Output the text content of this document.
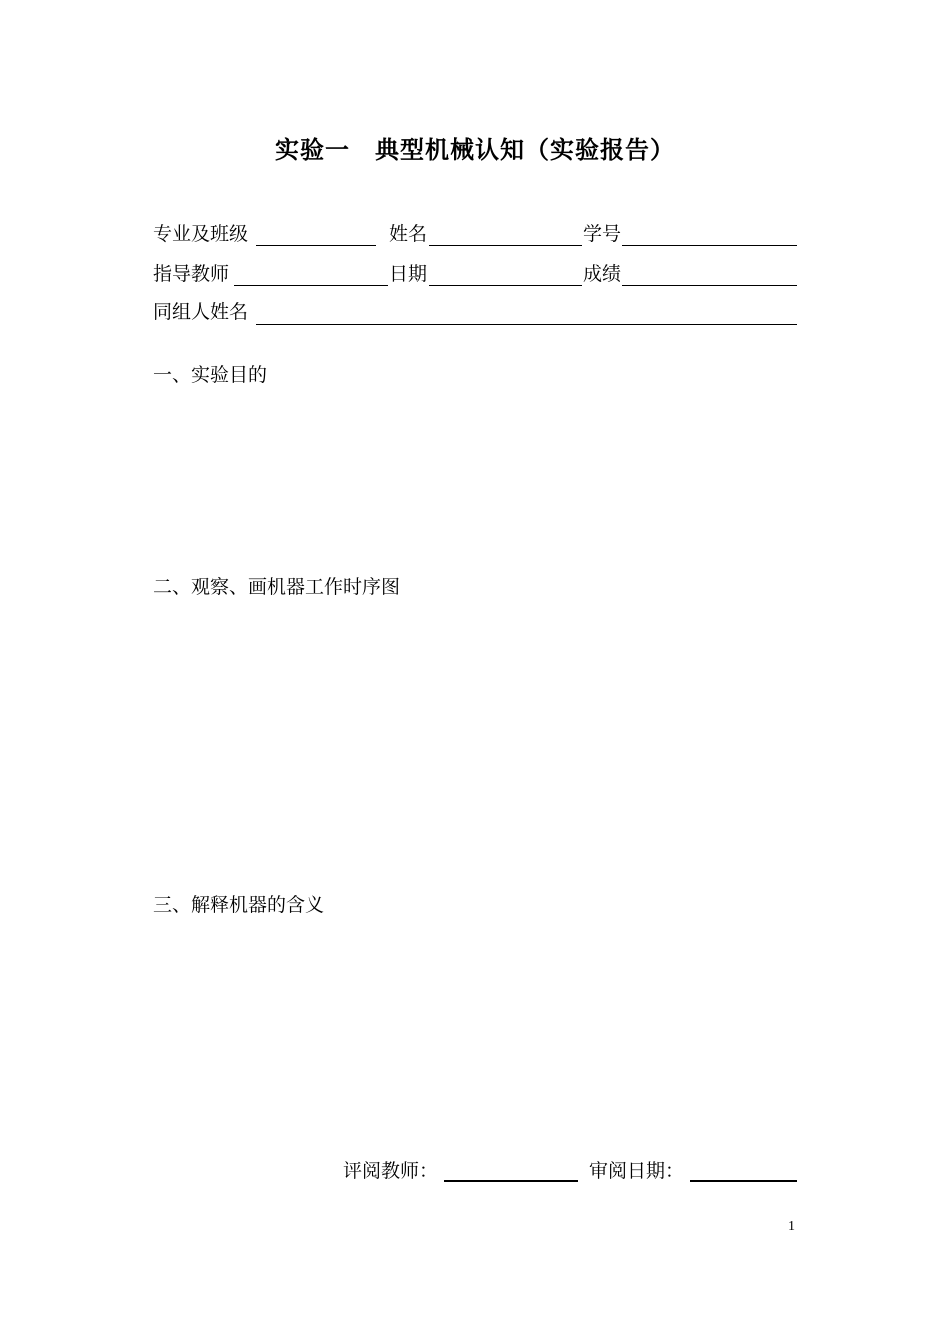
实验一　典型机械认知（实验报告）
专业及班级	姓名	学号
指导教师	日期	成绩
同组人姓名
一、实验目的
二、观察、画机器工作时序图
三、解释机器的含义
评阅教师：	审阅日期：
1
